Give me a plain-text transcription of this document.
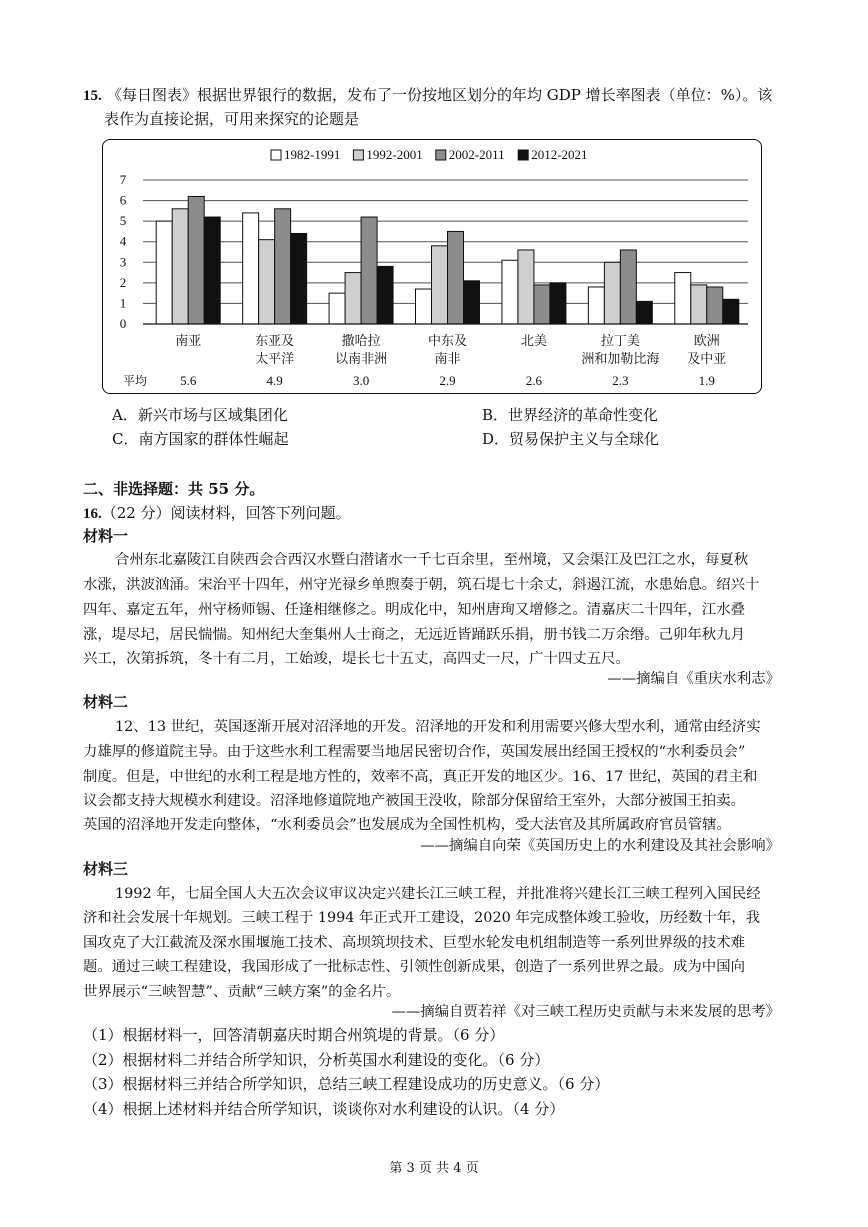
15. 《每日图表》根据世界银行的数据，发布了一份按地区划分的年均 GDP 增长率图表（单位：%）。该
表作为直接论据，可用来探究的论题是
0
1
2
3
4
5
6
7
1982-1991 1992-2001 2002-2011 2012-2021
南亚
5.6
东亚及
太平洋
4.9
撒哈拉
以南非洲
3.0
中东及
南非
2.9
北美
2.6
拉丁美
洲和加勒比海
2.3
欧洲
及中亚
1.9
平均
A．新兴市场与区域集团化	B．世界经济的革命性变化
C．南方国家的群体性崛起	D．贸易保护主义与全球化
二、非选择题：共 55 分。
16.（22 分）阅读材料，回答下列问题。
材料一
合州东北嘉陵江自陕西会合西汉水暨白潜诸水一千七百余里，至州境，又会渠江及巴江之水，每夏秋
水涨，洪波汹涌。宋治平十四年，州守光禄乡单煦奏于朝，筑石堤七十余丈，斜遏江流，水患始息。绍兴十
四年、嘉定五年，州守杨师锡、任逢相继修之。明成化中，知州唐珣又增修之。清嘉庆二十四年，江水叠
涨，堤尽圮，居民惴惴。知州纪大奎集州人士商之，无远近皆踊跃乐捐，册书钱二万余缗。己卯年秋九月
兴工，次第拆筑，冬十有二月，工始竣，堤长七十五丈，高四丈一尺，广十四丈五尺。
——摘编自《重庆水利志》
材料二
12、13 世纪，英国逐渐开展对沼泽地的开发。沼泽地的开发和利用需要兴修大型水利，通常由经济实
力雄厚的修道院主导。由于这些水利工程需要当地居民密切合作，英国发展出经国王授权的“水利委员会”
制度。但是，中世纪的水利工程是地方性的，效率不高，真正开发的地区少。16、17 世纪，英国的君主和
议会都支持大规模水利建设。沼泽地修道院地产被国王没收，除部分保留给王室外，大部分被国王拍卖。
英国的沼泽地开发走向整体，“水利委员会”也发展成为全国性机构，受大法官及其所属政府官员管辖。
——摘编自向荣《英国历史上的水利建设及其社会影响》
材料三
1992 年，七届全国人大五次会议审议决定兴建长江三峡工程，并批准将兴建长江三峡工程列入国民经
济和社会发展十年规划。三峡工程于 1994 年正式开工建设，2020 年完成整体竣工验收，历经数十年，我
国攻克了大江截流及深水围堰施工技术、高坝筑坝技术、巨型水轮发电机组制造等一系列世界级的技术难
题。通过三峡工程建设，我国形成了一批标志性、引领性创新成果，创造了一系列世界之最。成为中国向
世界展示“三峡智慧”、贡献“三峡方案”的金名片。
——摘编自贾若祥《对三峡工程历史贡献与未来发展的思考》
（1）根据材料一，回答清朝嘉庆时期合州筑堤的背景。（6 分）
（2）根据材料二并结合所学知识，分析英国水利建设的变化。（6 分）
（3）根据材料三并结合所学知识，总结三峡工程建设成功的历史意义。（6 分）
（4）根据上述材料并结合所学知识，谈谈你对水利建设的认识。（4 分）
第 3 页 共 4 页
